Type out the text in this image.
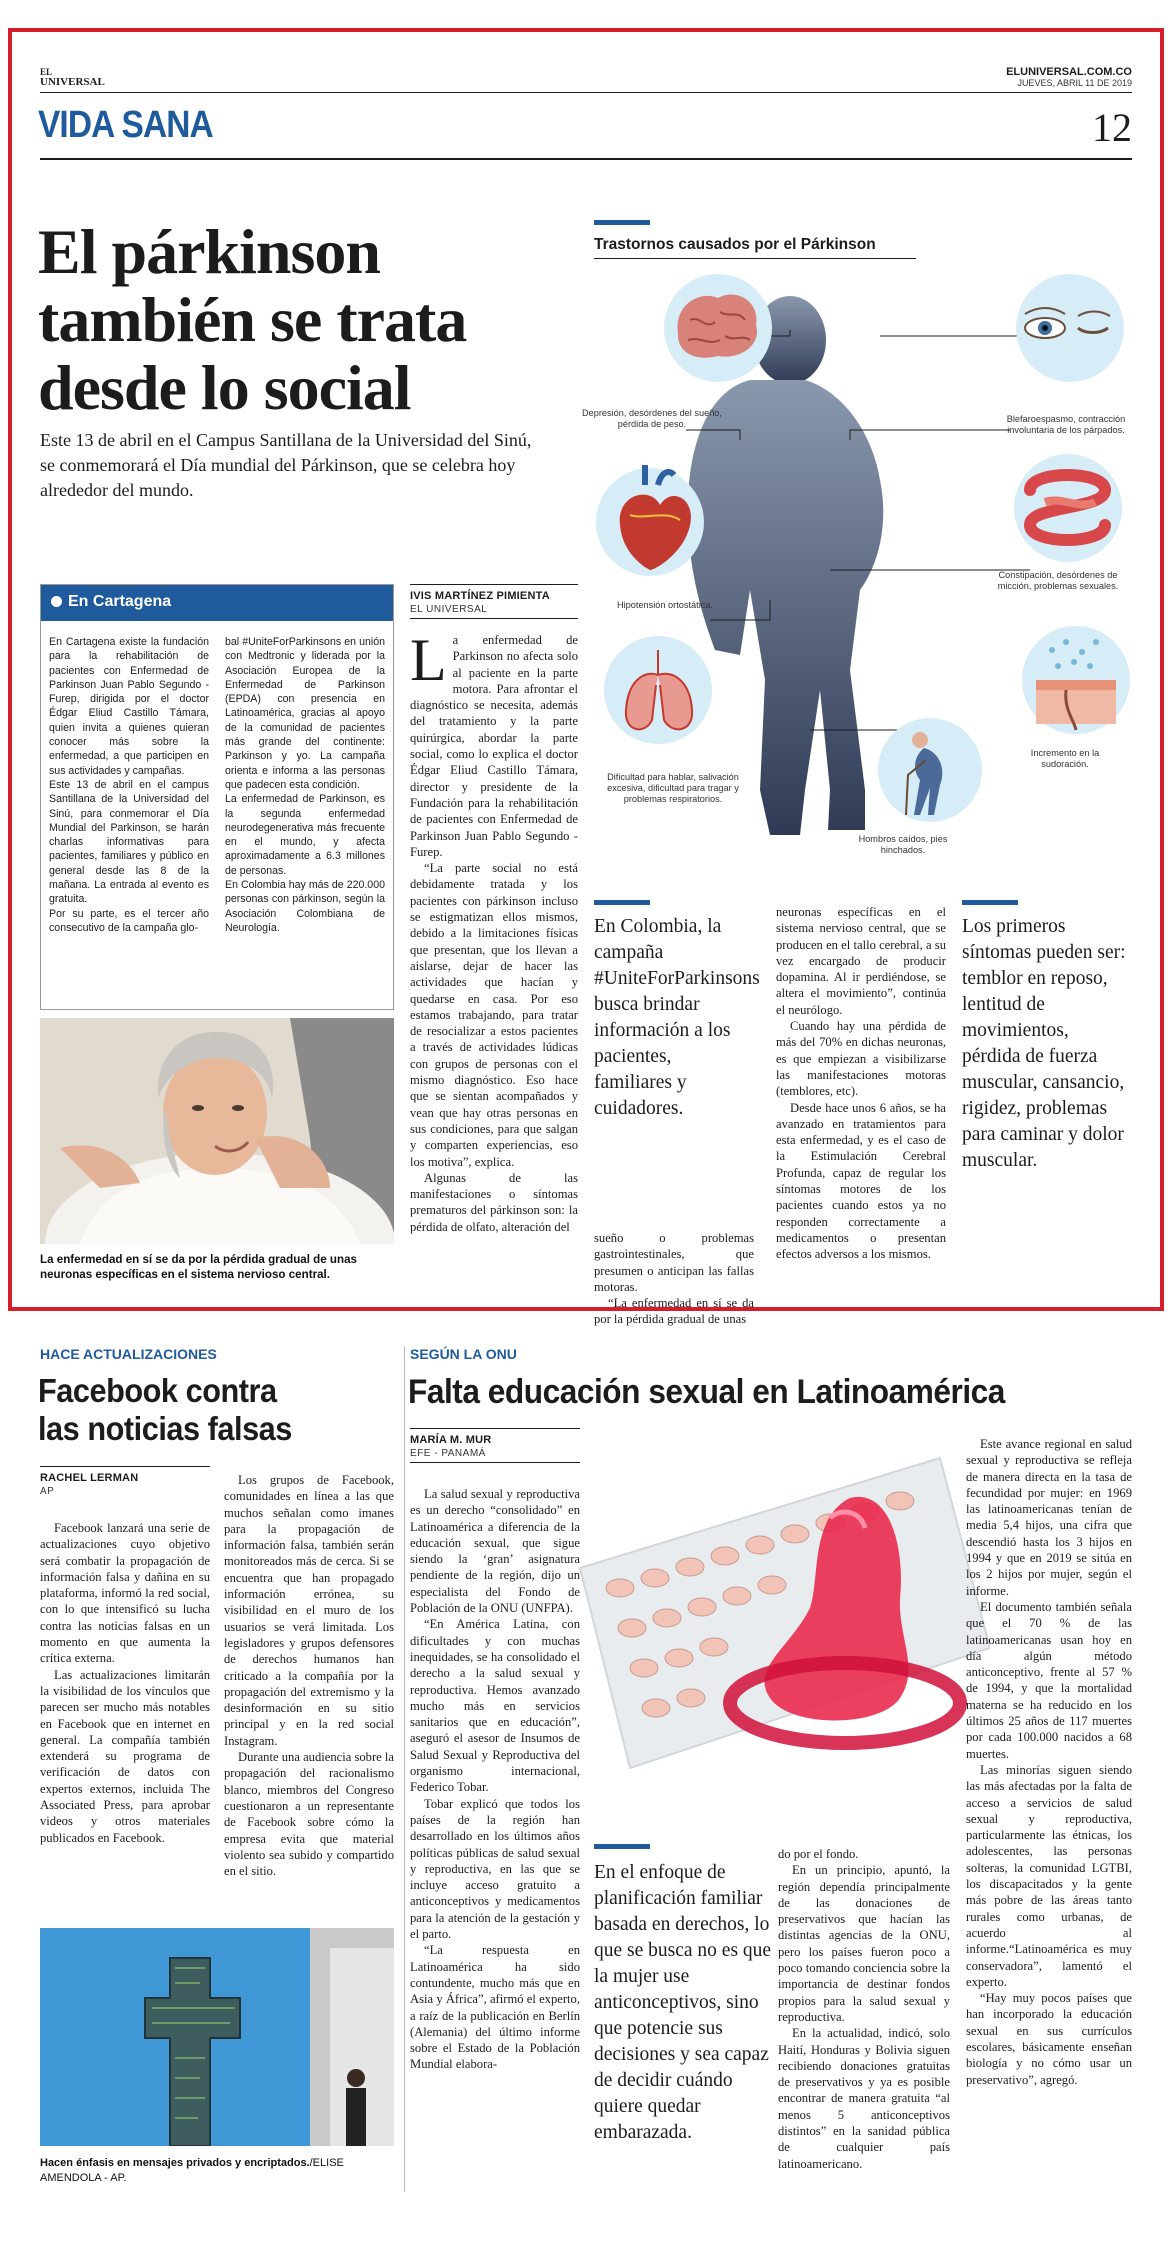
EL
UNIVERSAL
ELUNIVERSAL.COM.CO
JUEVES, ABRIL 11 DE 2019
VIDA SANA	12
El párkinson
también se trata
desde lo social
Este 13 de abril en el Campus Santillana de la Universidad del Sinú, se conmemorará el Día mundial del Párkinson, que se celebra hoy alrededor del mundo.
En Cartagena
En Cartagena existe la fundación para la rehabilitación de pacientes con Enfermedad de Parkinson Juan Pablo Segundo - Furep, dirigida por el doctor Édgar Eliud Castillo Támara, quien invita a quienes quieran conocer más sobre la enfermedad, a que participen en sus actividades y campañas.
Este 13 de abril en el campus Santillana de la Universidad del Sinú, para conmemorar el Día Mundial del Parkinson, se harán charlas informativas para pacientes, familiares y público en general desde las 8 de la mañana. La entrada al evento es gratuita.
Por su parte, es el tercer año consecutivo de la campaña glo-
bal #UniteForParkinsons en unión con Medtronic y liderada por la Asociación Europea de la Enfermedad de Parkinson (EPDA) con presencia en Latinoamérica, gracias al apoyo de la comunidad de pacientes más grande del continente: Parkinson y yo. La campaña orienta e informa a las personas que padecen esta condición.
La enfermedad de Parkinson, es la segunda enfermedad neurodegenerativa más frecuente en el mundo, y afecta aproximadamente a 6.3 millones de personas.
En Colombia hay más de 220.000 personas con párkinson, según la Asociación Colombiana de Neurología.
La enfermedad en sí se da por la pérdida gradual de unas neuronas específicas en el sistema nervioso central.
IVIS MARTÍNEZ PIMIENTA
EL UNIVERSAL

La enfermedad de Parkinson no afecta solo al paciente en la parte motora. Para afrontar el diagnóstico se necesita, además del tratamiento y la parte quirúrgica, abordar la parte social, como lo explica el doctor Édgar Eliud Castillo Támara, director y presidente de la Fundación para la rehabilitación de pacientes con Enfermedad de Parkinson Juan Pablo Segundo - Furep.

“La parte social no está debidamente tratada y los pacientes con párkinson incluso se estigmatizan ellos mismos, debido a la limitaciones físicas que presentan, que los llevan a aislarse, dejar de hacer las actividades que hacían y quedarse en casa. Por eso estamos trabajando, para tratar de resocializar a estos pacientes a través de actividades lúdicas con grupos de personas con el mismo diagnóstico. Eso hace que se sientan acompañados y vean que hay otras personas en sus condiciones, para que salgan y comparten experiencias, eso los motiva”, explica.

Algunas de las manifestaciones o síntomas prematuros del párkinson son: la pérdida de olfato, alteración del

Trastornos causados por el Párkinson
Depresión, desórdenes del sueño, pérdida de peso.	Blefaroespasmo, contracción involuntaria de los párpados.
Hipotensión ortostática.
Constipación, desórdenes de micción, problemas sexuales.
Dificultad para hablar, salivación excesiva, dificultad para tragar y problemas respiratorios.
Incremento en la sudoración.
Hombros caídos, pies hinchados.
En Colombia, la campaña #UniteForParkinsons busca brindar información a los pacientes, familiares y cuidadores.

sueño o problemas gastrointestinales, que presumen o anticipan las fallas motoras.

“La enfermedad en sí se da por la pérdida gradual de unas

neuronas específicas en el sistema nervioso central, que se producen en el tallo cerebral, a su vez encargado de producir dopamina. Al ir perdiéndose, se altera el movimiento”, continúa el neurólogo.

Cuando hay una pérdida de más del 70% en dichas neuronas, es que empiezan a visibilizarse las manifestaciones motoras (temblores, etc).

Desde hace unos 6 años, se ha avanzado en tratamientos para esta enfermedad, y es el caso de la Estimulación Cerebral Profunda, capaz de regular los síntomas motores de los pacientes cuando estos ya no responden correctamente a medicamentos o presentan efectos adversos a los mismos.

Los primeros síntomas pueden ser: temblor en reposo, lentitud de movimientos, pérdida de fuerza muscular, cansancio, rigidez, problemas para caminar y dolor muscular.
HACE ACTUALIZACIONES
Facebook contra
las noticias falsas
RACHEL LERMAN
AP

Facebook lanzará una serie de actualizaciones cuyo objetivo será combatir la propagación de información falsa y dañina en su plataforma, informó la red social, con lo que intensificó su lucha contra las noticias falsas en un momento en que aumenta la crítica externa.

Las actualizaciones limitarán la visibilidad de los vínculos que parecen ser mucho más notables en Facebook que en internet en general. La compañía también extenderá su programa de verificación de datos con expertos externos, incluida The Associated Press, para aprobar videos y otros materiales publicados en Facebook.

Los grupos de Facebook, comunidades en línea a las que muchos señalan como imanes para la propagación de información falsa, también serán monitoreados más de cerca. Si se encuentra que han propagado información errónea, su visibilidad en el muro de los usuarios se verá limitada. Los legisladores y grupos defensores de derechos humanos han criticado a la compañía por la propagación del extremismo y la desinformación en su sitio principal y en la red social Instagram.

Durante una audiencia sobre la propagación del racionalismo blanco, miembros del Congreso cuestionaron a un representante de Facebook sobre cómo la empresa evita que material violento sea subido y compartido en el sitio.

Hacen énfasis en mensajes privados y encriptados./ELISE AMENDOLA - AP.
SEGÚN LA ONU
Falta educación sexual en Latinoamérica
MARÍA M. MUR
EFE - PANAMÁ

La salud sexual y reproductiva es un derecho “consolidado” en Latinoamérica a diferencia de la educación sexual, que sigue siendo la ‘gran’ asignatura pendiente de la región, dijo un especialista del Fondo de Población de la ONU (UNFPA).

“En América Latina, con dificultades y con muchas inequidades, se ha consolidado el derecho a la salud sexual y reproductiva. Hemos avanzado mucho más en servicios sanitarios que en educación”, aseguró el asesor de Insumos de Salud Sexual y Reproductiva del organismo internacional, Federico Tobar.

Tobar explicó que todos los países de la región han desarrollado en los últimos años políticas públicas de salud sexual y reproductiva, en las que se incluye acceso gratuito a anticonceptivos y medicamentos para la atención de la gestación y el parto.

“La respuesta en Latinoamérica ha sido contundente, mucho más que en Asia y África”, afirmó el experto, a raíz de la publicación en Berlín (Alemania) del último informe sobre el Estado de la Población Mundial elabora-

En el enfoque de planificación familiar basada en derechos, lo que se busca no es que la mujer use anticonceptivos, sino que potencie sus decisiones y sea capaz de decidir cuándo quiere quedar embarazada.

do por el fondo.

En un principio, apuntó, la región dependía principalmente de las donaciones de preservativos que hacían las distintas agencias de la ONU, pero los países fueron poco a poco tomando conciencia sobre la importancia de destinar fondos propios para la salud sexual y reproductiva.

En la actualidad, indicó, solo Haití, Honduras y Bolivia siguen recibiendo donaciones gratuitas de preservativos y ya es posible encontrar de manera gratuita “al menos 5 anticonceptivos distintos” en la sanidad pública de cualquier país latinoamericano.

Este avance regional en salud sexual y reproductiva se refleja de manera directa en la tasa de fecundidad por mujer: en 1969 las latinoamericanas tenían de media 5,4 hijos, una cifra que descendió hasta los 3 hijos en 1994 y que en 2019 se sitúa en los 2 hijos por mujer, según el informe.

El documento también señala que el 70 % de las latinoamericanas usan hoy en día algún método anticonceptivo, frente al 57 % de 1994, y que la mortalidad materna se ha reducido en los últimos 25 años de 117 muertes por cada 100.000 nacidos a 68 muertes.

Las minorías siguen siendo las más afectadas por la falta de acceso a servicios de salud sexual y reproductiva, particularmente las étnicas, los adolescentes, las personas solteras, la comunidad LGTBI, los discapacitados y la gente más pobre de las áreas tanto rurales como urbanas, de acuerdo al informe.“Latinoamérica es muy conservadora”, lamentó el experto.

“Hay muy pocos países que han incorporado la educación sexual en sus currículos escolares, básicamente enseñan biología y no cómo usar un preservativo”, agregó.
